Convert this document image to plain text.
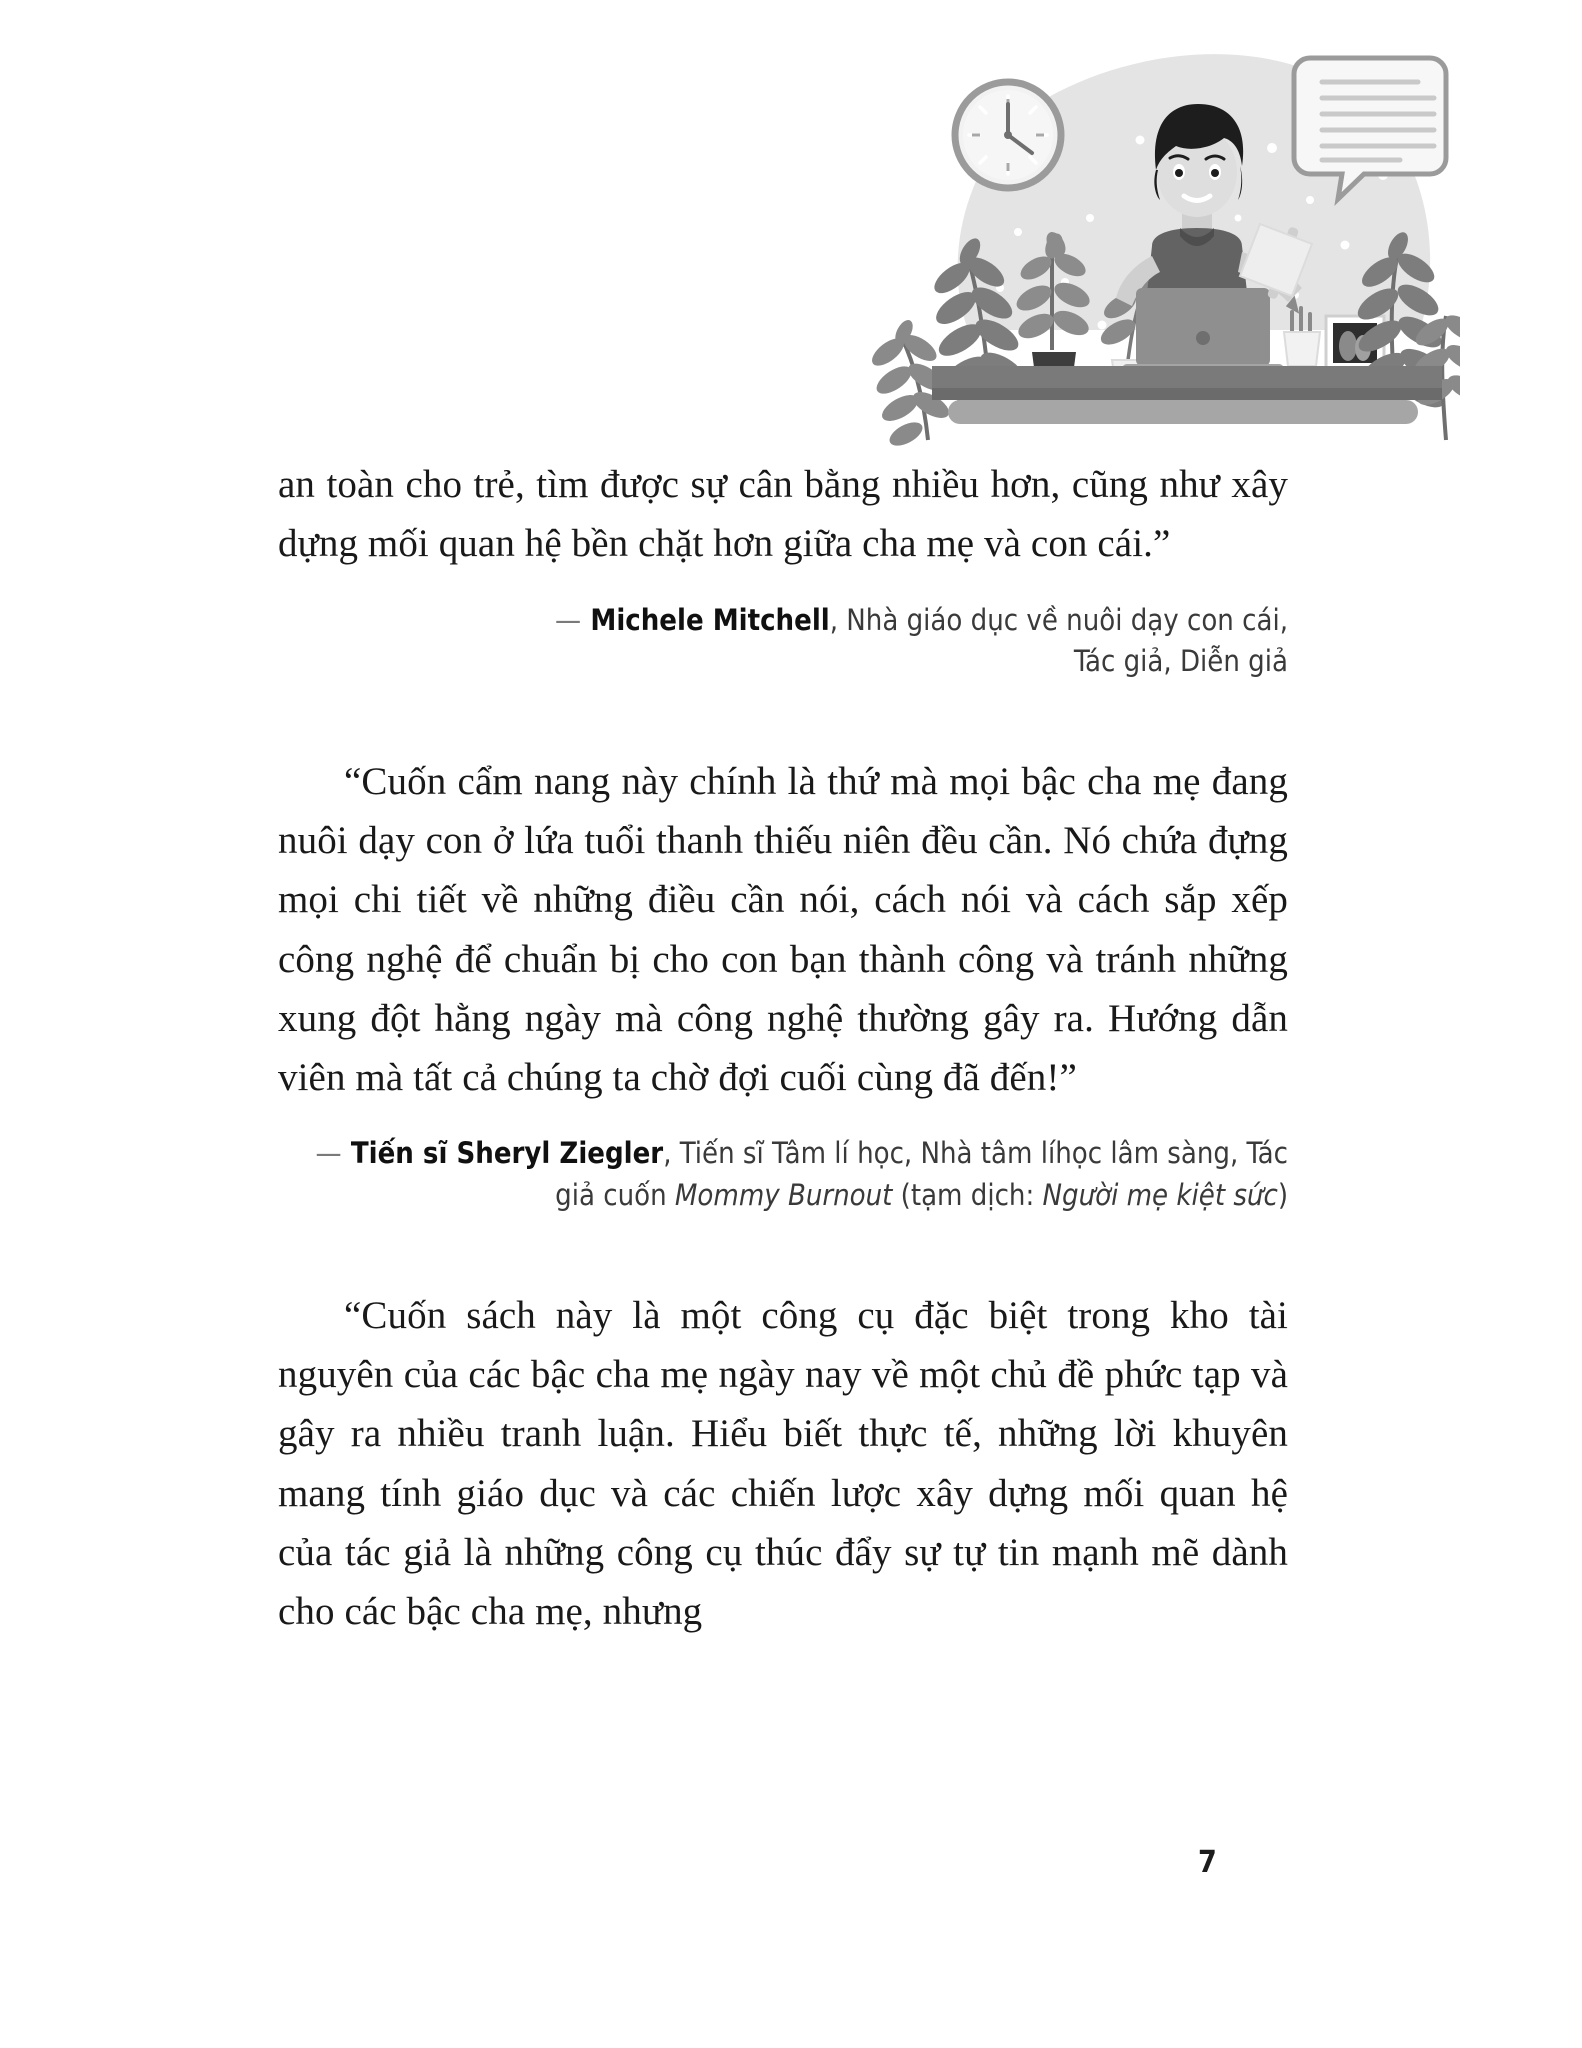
an toàn cho trẻ, tìm được sự cân bằng nhiều hơn, cũng như xây dựng mối quan hệ bền chặt hơn giữa cha mẹ và con cái.”

— Michele Mitchell, Nhà giáo dục về nuôi dạy con cái,
Tác giả, Diễn giả

“Cuốn cẩm nang này chính là thứ mà mọi bậc cha mẹ đang nuôi dạy con ở lứa tuổi thanh thiếu niên đều cần. Nó chứa đựng mọi chi tiết về những điều cần nói, cách nói và cách sắp xếp công nghệ để chuẩn bị cho con bạn thành công và tránh những xung đột hằng ngày mà công nghệ thường gây ra. Hướng dẫn viên mà tất cả chúng ta chờ đợi cuối cùng đã đến!”

— Tiến sĩ Sheryl Ziegler, Tiến sĩ Tâm lí học, Nhà tâm líhọc lâm sàng, Tác giả cuốn Mommy Burnout (tạm dịch: Người mẹ kiệt sức)

“Cuốn sách này là một công cụ đặc biệt trong kho tài nguyên của các bậc cha mẹ ngày nay về một chủ đề phức tạp và gây ra nhiều tranh luận. Hiểu biết thực tế, những lời khuyên mang tính giáo dục và các chiến lược xây dựng mối quan hệ của tác giả là những công cụ thúc đẩy sự tự tin mạnh mẽ dành cho các bậc cha mẹ, nhưng

7
